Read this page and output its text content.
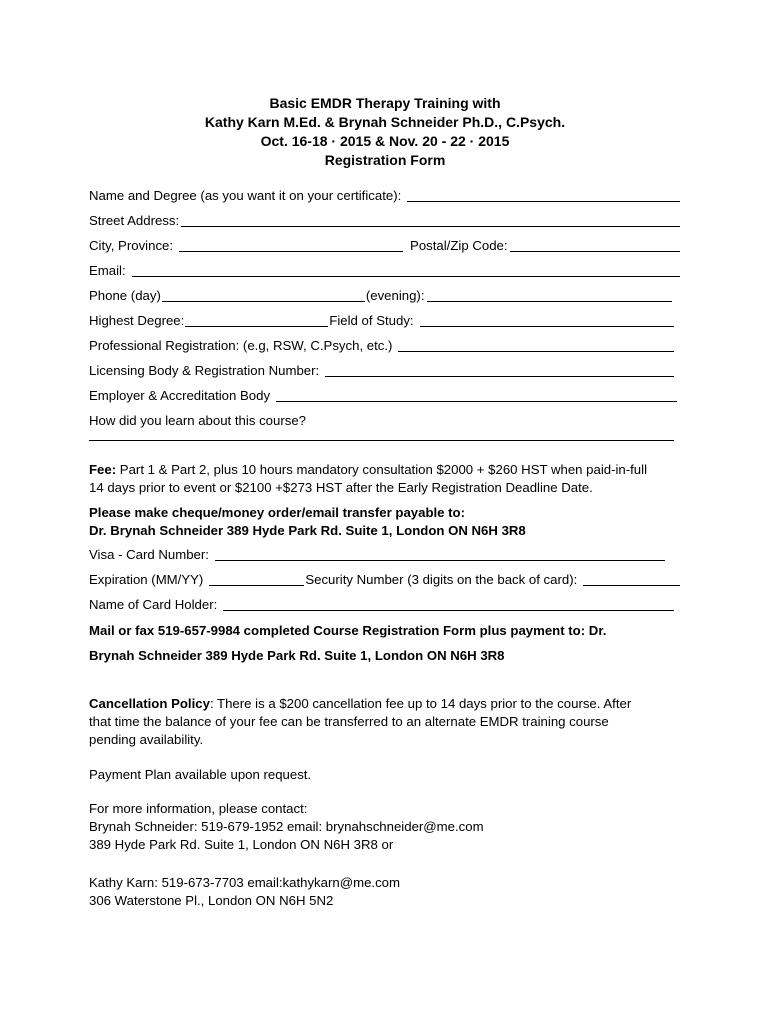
Basic EMDR Therapy Training with

Kathy Karn M.Ed. & Brynah Schneider Ph.D., C.Psych.

Oct. 16-18 · 2015 & Nov. 20 - 22 · 2015

Registration Form

Name and Degree (as you want it on your certificate):
Street Address:
City, Province:	Postal/Zip Code:
Email:
Phone (day)	(evening):
Highest Degree:	Field of Study:
Professional Registration: (e.g, RSW, C.Psych, etc.)
Licensing Body & Registration Number:
Employer & Accreditation Body
How did you learn about this course?
Fee: Part 1 & Part 2, plus 10 hours mandatory consultation $2000 + $260 HST when paid-in-full
14 days prior to event or $2100 +$273 HST after the Early Registration Deadline Date.
Please make cheque/money order/email transfer payable to:
Dr. Brynah Schneider 389 Hyde Park Rd. Suite 1, London ON N6H 3R8
Visa - Card Number:
Expiration (MM/YY)	Security Number (3 digits on the back of card):
Name of Card Holder:
Mail or fax 519-657-9984 completed Course Registration Form plus payment to: Dr.
Brynah Schneider 389 Hyde Park Rd. Suite 1, London ON N6H 3R8
Cancellation Policy: There is a $200 cancellation fee up to 14 days prior to the course. After
that time the balance of your fee can be transferred to an alternate EMDR training course
pending availability.
Payment Plan available upon request.
For more information, please contact:
Brynah Schneider: 519-679-1952 email: brynahschneider@me.com
389 Hyde Park Rd. Suite 1, London ON N6H 3R8 or
Kathy Karn: 519-673-7703 email:kathykarn@me.com
306 Waterstone Pl., London ON N6H 5N2
